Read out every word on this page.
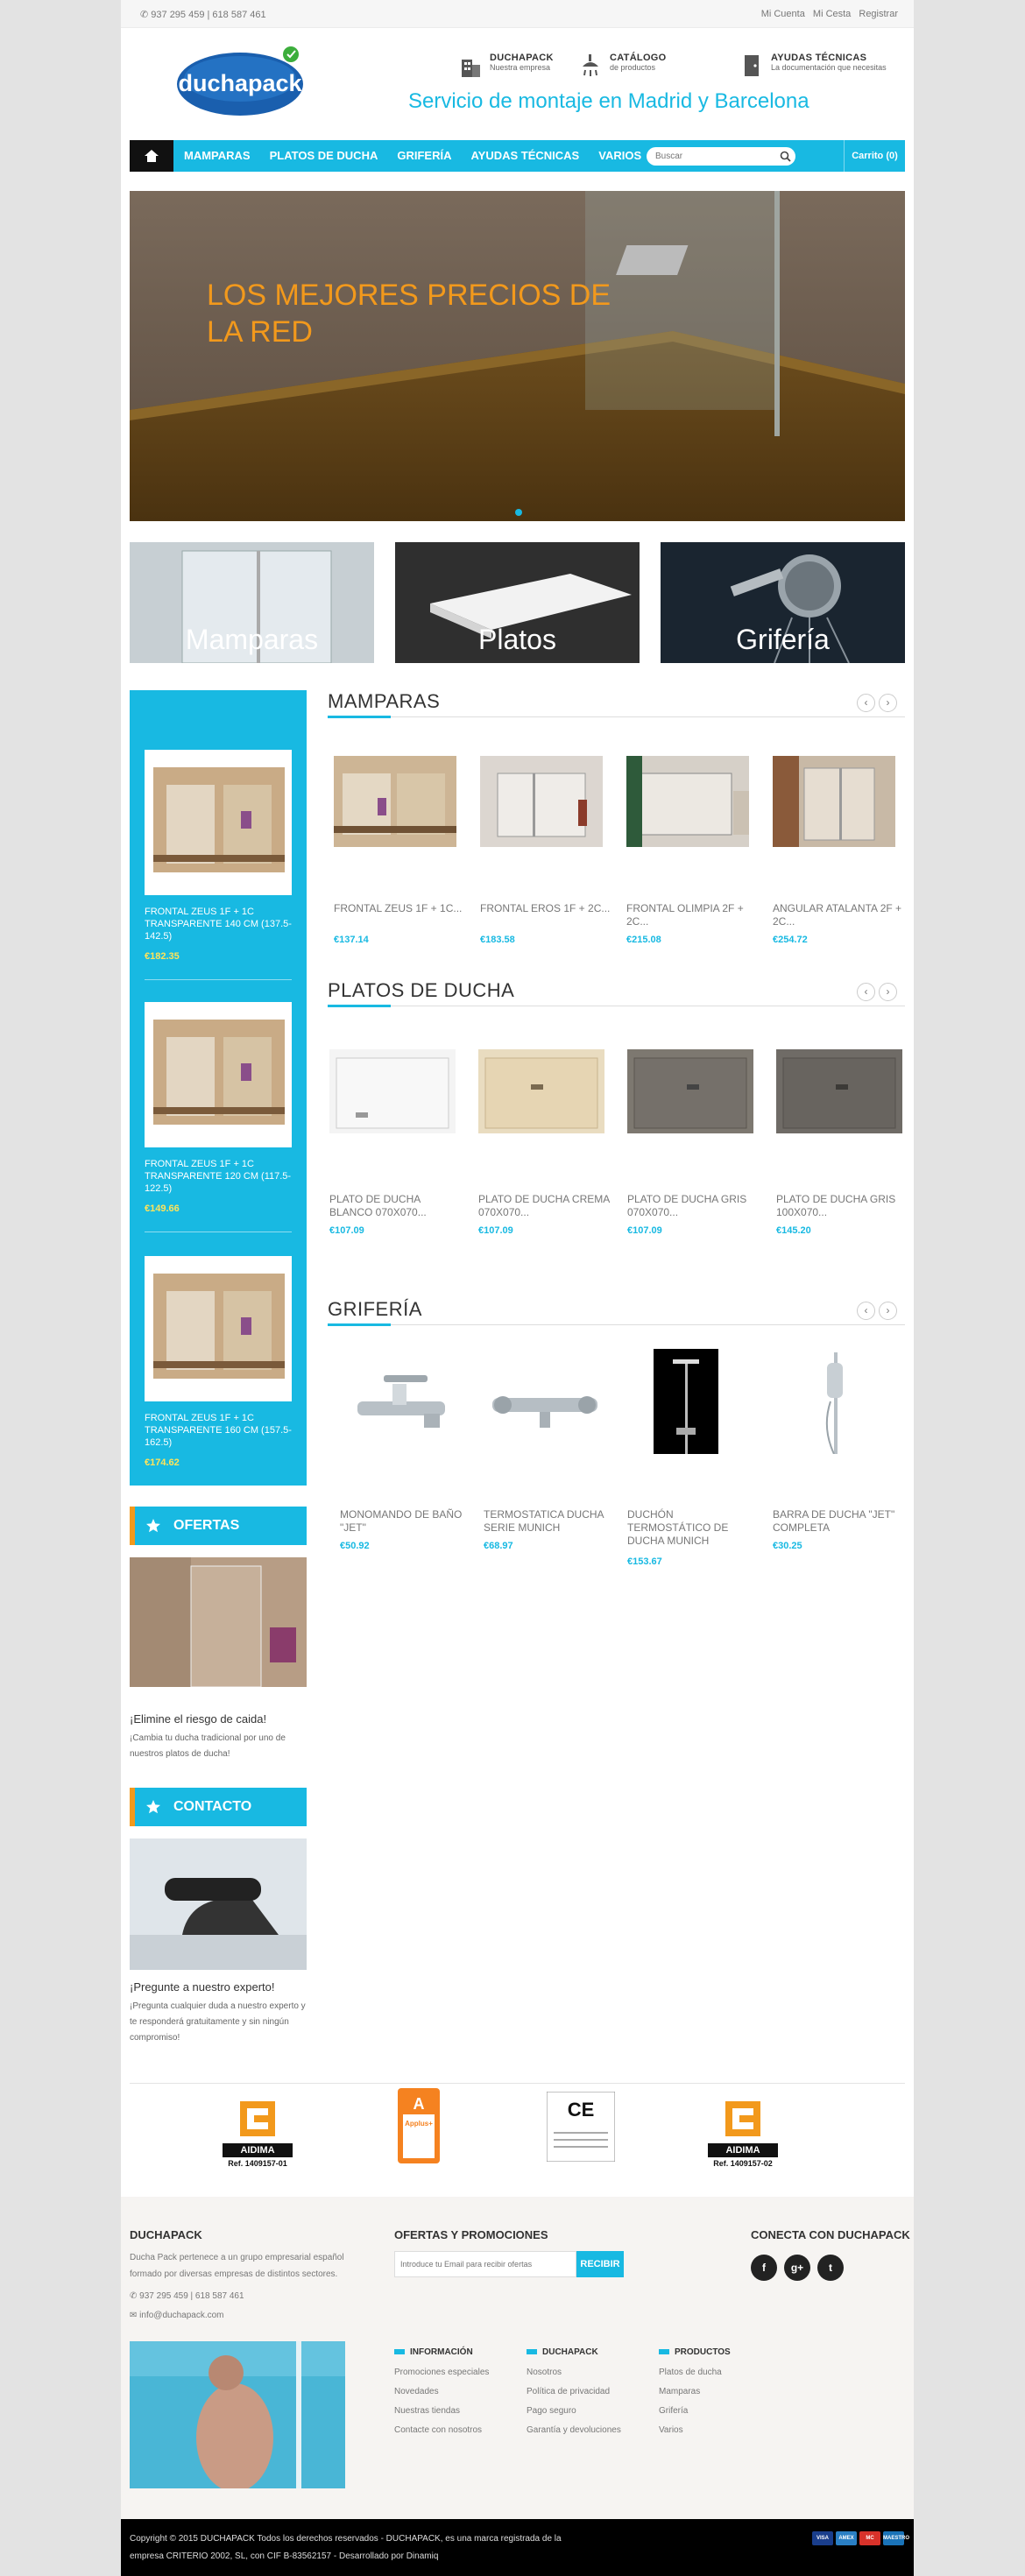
✆ 937 295 459 | 618 587 461	Mi Cuenta Mi Cesta Registrar
duchapack
DUCHAPACK
Nuestra empresa
CATÁLOGO
de productos
AYUDAS TÉCNICAS
La documentación que necesitas
Servicio de montaje en Madrid y Barcelona
MAMPARAS	PLATOS DE DUCHA	GRIFERÍA	AYUDAS TÉCNICAS	VARIOS
Buscar	Carrito (0)
LOS MEJORES PRECIOS DE LA RED
Mamparas	Platos	Grifería
FRONTAL ZEUS 1F + 1C TRANSPARENTE 140 CM (137.5-142.5)
€182.35
FRONTAL ZEUS 1F + 1C TRANSPARENTE 120 CM (117.5-122.5)
€149.66
FRONTAL ZEUS 1F + 1C TRANSPARENTE 160 CM (157.5-162.5)
€174.62
OFERTAS
¡Elimine el riesgo de caida!
¡Cambia tu ducha tradicional por uno de nuestros platos de ducha!
CONTACTO
¡Pregunte a nuestro experto!
¡Pregunta cualquier duda a nuestro experto y te responderá gratuitamente y sin ningún compromiso!
MAMPARAS	‹ ›
FRONTAL ZEUS 1F + 1C...
€137.14
FRONTAL EROS 1F + 2C...
€183.58
FRONTAL OLIMPIA 2F + 2C...
€215.08
ANGULAR ATALANTA 2F + 2C...
€254.72
PLATOS DE DUCHA	‹ ›
PLATO DE DUCHA BLANCO 070X070...
€107.09
PLATO DE DUCHA CREMA 070X070...
€107.09
PLATO DE DUCHA GRIS 070X070...
€107.09
PLATO DE DUCHA GRIS 100X070...
€145.20
GRIFERÍA	‹ ›
MONOMANDO DE BAÑO "JET"
€50.92
TERMOSTATICA DUCHA SERIE MUNICH
€68.97
DUCHÓN TERMOSTÁTICO DE DUCHA MUNICH
€153.67
BARRA DE DUCHA "JET" COMPLETA
€30.25
AIDIMA
Ref. 1409157-01
A
Applus+
CE
AIDIMA
Ref. 1409157-02
DUCHAPACK
Ducha Pack pertenece a un grupo empresarial español formado por diversas empresas de distintos sectores.
✆ 937 295 459 | 618 587 461
✉ info@duchapack.com
OFERTAS Y PROMOCIONES
Introduce tu Email para recibir ofertas
RECIBIR
CONECTA CON DUCHAPACK
f	g+	t
INFORMACIÓN
Promociones especiales
Novedades
Nuestras tiendas
Contacte con nosotros
DUCHAPACK
Nosotros
Política de privacidad
Pago seguro
Garantía y devoluciones
PRODUCTOS
Platos de ducha
Mamparas
Grifería
Varios
Copyright © 2015 DUCHAPACK Todos los derechos reservados - DUCHAPACK, es una marca registrada de la empresa CRITERIO 2002, SL, con CIF B-83562157 - Desarrollado por Dinamiq
VISA	AMEX	MC	MAESTRO
